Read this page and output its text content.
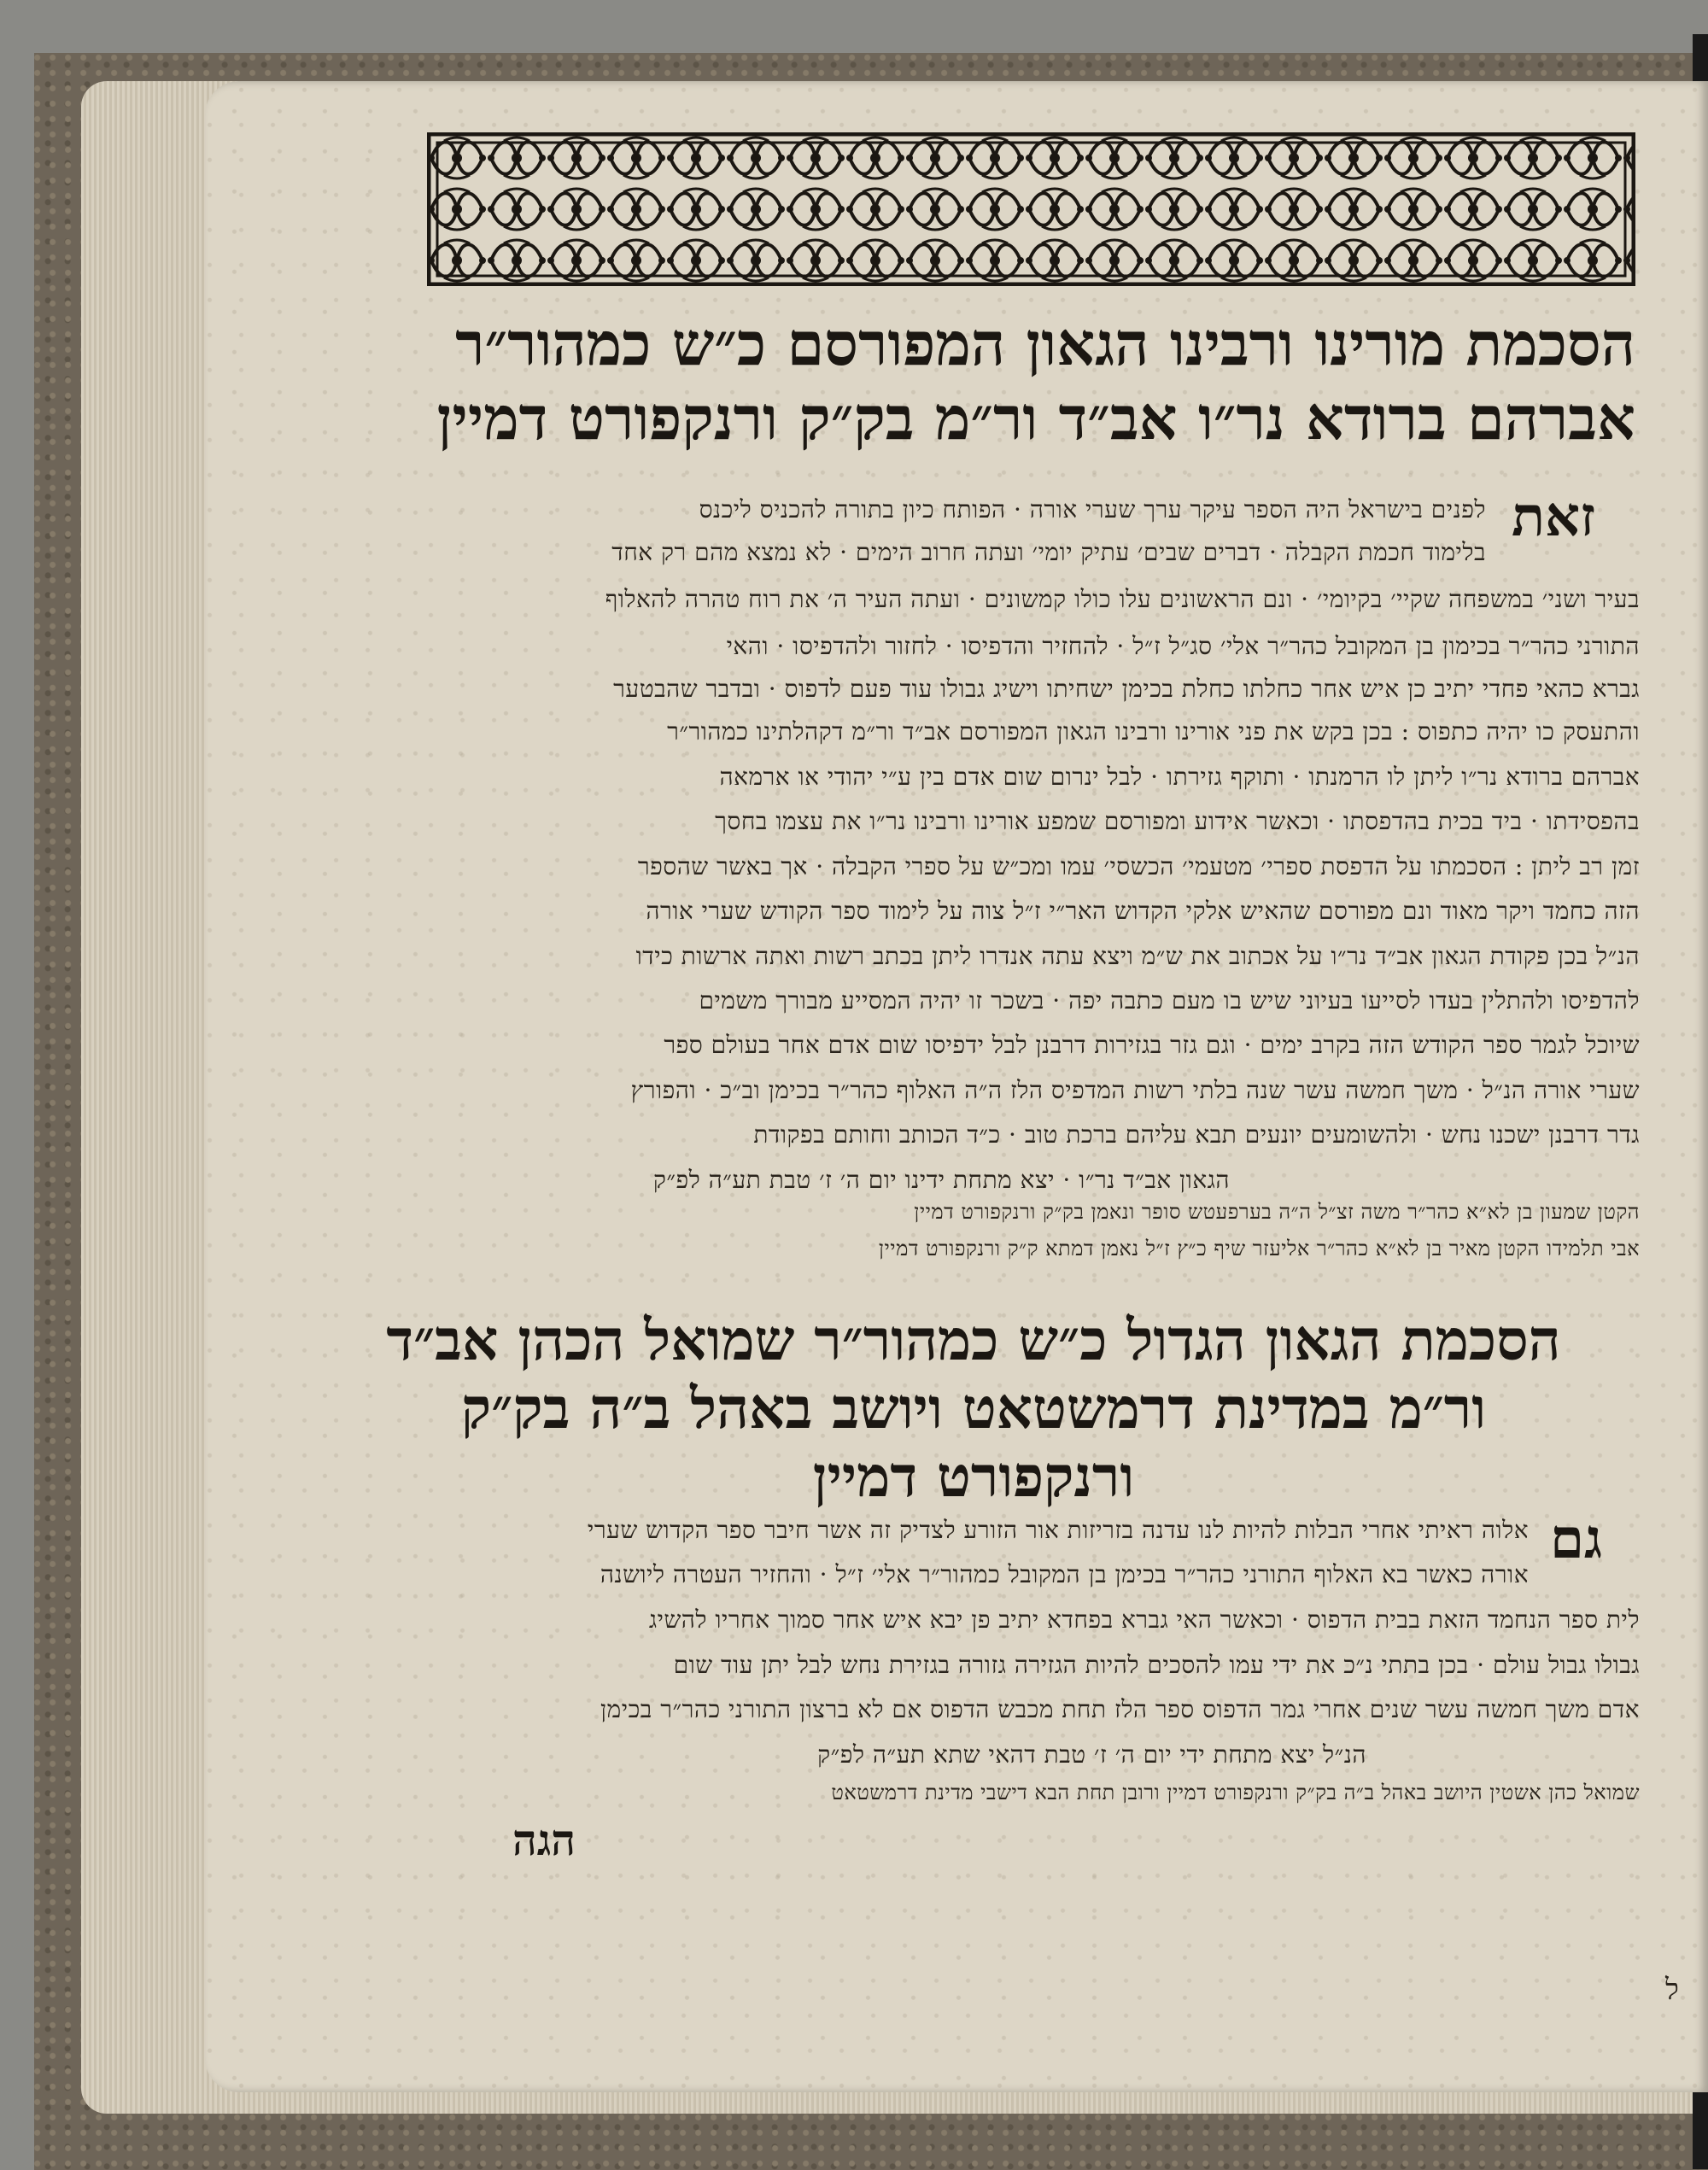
הסכמת מורינו ורבינו הגאון המפורסם כ״ש כמהור״ר
אברהם ברודא נר״ו אב״ד ור״מ בק״ק ורנקפורט דמיין
זאת
לפנים בישראל היה הספר עיקר ערך שערי אורה · הפותח כיון בתורה להכניס ליכנס
בלימוד חכמת הקבלה · דברים שבים׳ עתיק יומי׳ ועתה חרוב הימים · לא נמצא מהם רק אחד
בעיר ושני׳ במשפחה שקיי׳ בקיומי׳ · ונם הראשונים עלו כולו קמשונים · ועתה העיר ה׳ את רוח טהרה להאלוף
התורני כהר״ר בכימון בן המקובל כהר״ר אלי׳ סג״ל ז״ל · להחזיר והדפיסו · לחזור ולהדפיסו · והאי
גברא כהאי פחדי יתיב כן איש אחר כחלתו כחלת בכימן ישחיתו וישיג גבולו עוד פעם לדפוס · ובדבר שהבטער
והתעסק כו יהיה כתפוס : בכן בקש את פני אורינו ורבינו הגאון המפורסם אב״ד ור״מ דקהלתינו כמהור״ר
אברהם ברודא נר״ו ליתן לו הרמנתו · ותוקף גזירתו · לבל ינרום שום אדם בין ע״י יהודי או ארמאה
בהפסידתו · ביד בכית בהדפסתו · וכאשר אידוע ומפורסם שמפע אורינו ורבינו נר״ו את עצמו בחסך
זמן רב ליתן : הסכמתו על הדפסת ספרי׳ מטעמי׳ הכשסי׳ עמו ומכ״ש על ספרי הקבלה · אך באשר שהספר
הזה כחמד ויקר מאוד ונם מפורסם שהאיש אלקי הקדוש האר״י ז״ל צוה על לימוד ספר הקודש שערי אורה
הנ״ל בכן פקודת הגאון אב״ד נר״ו על אכתוב את ש״מ ויצא עתה אנדרו ליתן בכתב רשות ואתה ארשות כידו
להדפיסו ולהתלין בעדו לסייעו בעיוני שיש בו מעם כתבה יפה · בשכר זו יהיה המסייע מבורך משמים
שיוכל לגמר ספר הקודש הזה בקרב ימים · וגם גזר בגזירות דרבנן לבל ידפיסו שום אדם אחר בעולם ספר
שערי אורה הנ״ל · משך חמשה עשר שנה בלתי רשות המדפיס הלז ה״ה האלוף כהר״ר בכימן וב״כ · והפורץ
גדר דרבנן ישכנו נחש · ולהשומעים יונעים תבא עליהם ברכת טוב · כ״ד הכותב וחותם בפקודת
הגאון אב״ד נר״ו · יצא מתחת ידינו יום ה׳ ז׳ טבת תע״ה לפ״ק
הקטן שמעון בן לא״א כהר״ר משה זצ״ל ה״ה בערפעטש סופר ונאמן בק״ק ורנקפורט דמיין
אבי תלמידו הקטן מאיר בן לא״א כהר״ר אליעזר שיף כ״ץ ז״ל נאמן דמתא ק״ק ורנקפורט דמיין
הסכמת הגאון הגדול כ״ש כמהור״ר שמואל הכהן אב״ד
ור״מ במדינת דרמשטאט ויושב באהל ב״ה בק״ק
ורנקפורט דמיין
גם
אלוה ראיתי אחרי הבלות להיות לנו עדנה בזריזות אור הזורע לצדיק זה אשר חיבר ספר הקדוש שערי
אורה כאשר בא האלוף התורני כהר״ר בכימן בן המקובל כמהור״ר אלי׳ ז״ל · והחזיר העטרה ליושנה
לית ספר הנחמד הזאת בבית הדפוס · וכאשר האי גברא בפחדא יתיב פן יבא איש אחר סמוך אחריו להשיג
גבולו גבול עולם · בכן בתתי נ״כ את ידי עמו להסכים להיות הגזירה גזורה בגזירת נחש לבל יתן עוד שום
אדם משך חמשה עשר שנים אחרי גמר הדפוס ספר הלז תחת מכבש הדפוס אם לא ברצון התורני כהר״ר בכימן
הנ״ל יצא מתחת ידי יום ה׳ ז׳ טבת דהאי שתא תע״ה לפ״ק
שמואל כהן אשטין היושב באהל ב״ה בק״ק ורנקפורט דמיין ורובן תחת הבא דישבי מדינת דרמשטאט
הגה
ל
